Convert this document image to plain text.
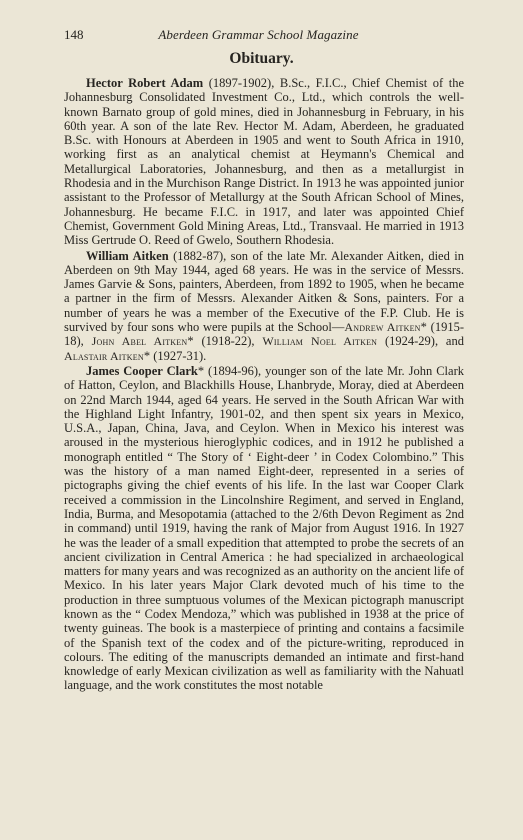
148	Aberdeen Grammar School Magazine
Obituary.

Hector Robert Adam (1897-1902), B.Sc., F.I.C., Chief Chemist of the Johannesburg Consolidated Investment Co., Ltd., which controls the well-known Barnato group of gold mines, died in Johannesburg in February, in his 60th year. A son of the late Rev. Hector M. Adam, Aberdeen, he graduated B.Sc. with Honours at Aberdeen in 1905 and went to South Africa in 1910, working first as an analytical chemist at Heymann's Chemical and Metallurgical Laboratories, Johannesburg, and then as a metallurgist in Rhodesia and in the Murchison Range District. In 1913 he was appointed junior assistant to the Professor of Metallurgy at the South African School of Mines, Johannesburg. He became F.I.C. in 1917, and later was appointed Chief Chemist, Government Gold Mining Areas, Ltd., Transvaal. He married in 1913 Miss Gertrude O. Reed of Gwelo, Southern Rhodesia.

William Aitken (1882-87), son of the late Mr. Alexander Aitken, died in Aberdeen on 9th May 1944, aged 68 years. He was in the service of Messrs. James Garvie & Sons, painters, Aberdeen, from 1892 to 1905, when he became a partner in the firm of Messrs. Alexander Aitken & Sons, painters. For a number of years he was a member of the Executive of the F.P. Club. He is survived by four sons who were pupils at the School—Andrew Aitken* (1915-18), John Abel Aitken* (1918-22), William Noel Aitken (1924-29), and Alastair Aitken* (1927-31).

James Cooper Clark* (1894-96), younger son of the late Mr. John Clark of Hatton, Ceylon, and Blackhills House, Lhanbryde, Moray, died at Aberdeen on 22nd March 1944, aged 64 years. He served in the South African War with the Highland Light Infantry, 1901-02, and then spent six years in Mexico, U.S.A., Japan, China, Java, and Ceylon. When in Mexico his interest was aroused in the mysterious hieroglyphic codices, and in 1912 he published a monograph entitled “ The Story of ‘ Eight-deer ’ in Codex Colombino.” This was the history of a man named Eight-deer, represented in a series of pictographs giving the chief events of his life. In the last war Cooper Clark received a commission in the Lincolnshire Regiment, and served in England, India, Burma, and Mesopotamia (attached to the 2/6th Devon Regiment as 2nd in command) until 1919, having the rank of Major from August 1916. In 1927 he was the leader of a small expedition that attempted to probe the secrets of an ancient civilization in Central America : he had specialized in archaeological matters for many years and was recognized as an authority on the ancient life of Mexico. In his later years Major Clark devoted much of his time to the production in three sumptuous volumes of the Mexican pictograph manuscript known as the “ Codex Mendoza,” which was published in 1938 at the price of twenty guineas. The book is a masterpiece of printing and contains a facsimile of the Spanish text of the codex and of the picture-writing, reproduced in colours. The editing of the manuscripts demanded an intimate and first-hand knowledge of early Mexican civilization as well as familiarity with the Nahuatl language, and the work constitutes the most notable
